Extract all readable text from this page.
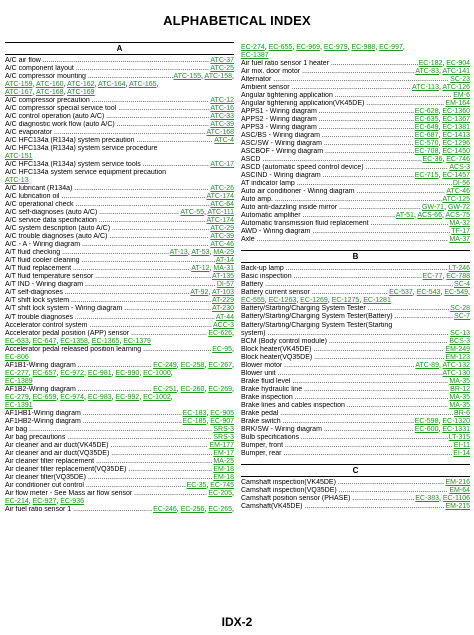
ALPHABETICAL INDEX
A
A/C air flow .....	ATC-37
A/C component layout .....	ATC-25
A/C compressor mounting .....	ATC-155, ATC-158,
ATC-159, ATC-160, ATC-162, ATC-164, ATC-165,
ATC-167, ATC-168, ATC-169
A/C compressor precaution .....	ATC-12
A/C compressor special service tool .....	ATC-16
A/C control operation (auto A/C) .....	ATC-33
A/C diagnostic work flow (auto A/C) .....	ATC-39
A/C evaporator .....	ATC-168
A/C HFC134a (R134a) system precaution .....	ATC-4
A/C HFC134a (R134a) system service procedure
ATC-151
A/C HFC134a (R134a) system service tools .....	ATC-17
A/C HFC134a system service equipment precaution
ATC-13
A/C lubricant (R134a) .....	ATC-26
A/C lubrication oil .....	ATC-174
A/C operational check .....	ATC-64
A/C self-diagnoses (auto A/C) .....	ATC-55, ATC-111
A/C service data specification .....	ATC-174
A/C system description (auto A/C) .....	ATC-29
A/C trouble diagnoses (auto A/C) .....	ATC-39
A/C - A - Wiring diagram .....	ATC-46
A/T fluid checking .....	AT-13, AT-53, MA-29
A/T fluid cooler cleaning .....	AT-14
A/T fluid replacement .....	AT-12, MA-31
A/T fluid temperature sensor .....	AT-135
A/T IND - Wiring diagram .....	DI-57
A/T self-diagnoses .....	AT-92, AT-103
A/T shift lock system .....	AT-229
A/T shift lock system - Wiring diagram .....	AT-230
A/T trouble diagnoses .....	AT-44
Accelerator control system .....	ACC-3
Accelerator pedal position (APP) sensor .....	EC-626,
EC-633, EC-647, EC-1358, EC-1365, EC-1379
Accelerator pedal released position learning .....	EC-95,
EC-806
AF1B1-Wiring diagram .....	EC-249, EC-258, EC-267,
EC-277, EC-657, EC-972, EC-981, EC-990, EC-1000,
EC-1389
AF1B2-Wiring diagram .....	EC-251, EC-260, EC-269,
EC-279, EC-659, EC-974, EC-983, EC-992, EC-1002,
EC-1391
AF1HB1-Wiring diagram .....	EC-183, EC-905
AF1HB2-Wiring diagram .....	EC-185, EC-907
Air bag .....	SRS-3
Air bag precautions .....	SRS-3
Air cleaner and air duct(VK45DE) .....	EM-177
Air cleaner and air duct(VQ35DE) .....	EM-17
Air cleaner filter replacement .....	MA-25
Air cleaner filter replacement(VQ35DE) .....	EM-18
Air cleaner filter(VQ35DE) .....	EM-18
Air conditioner cut control .....	EC-35, EC-745
Air flow meter - See Mass air flow sensor .....	EC-205,
EC-214, EC-927, EC-936
Air fuel ratio sensor 1 .....	EC-246, EC-256, EC-265,
EC-274, EC-655, EC-969, EC-979, EC-988, EC-997,
EC-1387
Air fuel ratio sensor 1 heater .....	EC-182, EC-904
Air mix. door motor .....	ATC-83, ATC-141
Alternator .....	SC-23
Ambient sensor .....	ATC-113, ATC-126
Angular tightening application .....	EM-6
Angular tightening application(VK45DE) .....	EM-164
APPS1 - Wiring diagram .....	EC-628, EC-1360
APPS2 - Wiring diagram .....	EC-635, EC-1367
APPS3 - Wiring diagram .....	EC-649, EC-1381
ASC/BS - Wiring diagram .....	EC-687, EC-1413
ASC/SW - Wiring diagram .....	EC-570, EC-1296
ASCBOF - Wiring diagram .....	EC-708, EC-1450
ASCD .....	EC-36, EC-746
ASCD (automatic speed control device) .....	ACS-3
ASCIND - Wiring diagram .....	EC-715, EC-1457
AT indicator lamp .....	DI-56
Auto air conditioner - Wiring diagram .....	ATC-46
Auto amp. .....	ATC-125
Auto anti-dazzling inside mirror .....	GW-71, GW-72
Automatic amplifier .....	AT-51, ACS-66, ACS-75
Automatic transmission fluid replacement .....	MA-32
AWD - Wiring diagram .....	TF-17
Axle .....	MA-37
B
Back-up lamp .....	LT-246
Basic inspection .....	EC-77, EC-788
Battery .....	SC-4
Battery current sensor .....	EC-537, EC-543, EC-549,
EC-555, EC-1263, EC-1269, EC-1275, EC-1281
Battery/Starting/Charging System Tester .....	SC-28
Battery/Starting/Charging System Tester(Battery) .....	SC-7
Battery/Starting/Charging System Tester(Starting
system) .....	SC-13
BCM (Body control module) .....	BCS-3
Block heater(VK45DE) .....	EM-249
Block heater(VQ35DE) .....	EM-123
Blower motor .....	ATC-89, ATC-132
Blower unit .....	ATC-130
Brake fluid level .....	MA-35
Brake hydraulic line .....	BR-12
Brake inspection .....	MA-35
Brake lines and cables inspection .....	MA-35
Brake pedal .....	BR-6
Brake switch .....	EC-598, EC-1320
BRK/SW - Wiring diagram .....	EC-600, EC-1331
Bulb specifications .....	LT-315
Bumper, front .....	EI-11
Bumper, rear .....	EI-14
C
Camshaft inspection(VK45DE) .....	EM-216
Camshaft inspection(VQ35DE) .....	EM-64
Camshaft position sensor (PHASE) .....	EC-383, EC-1106
Camshaft(VK45DE) .....	EM-215
IDX-2
